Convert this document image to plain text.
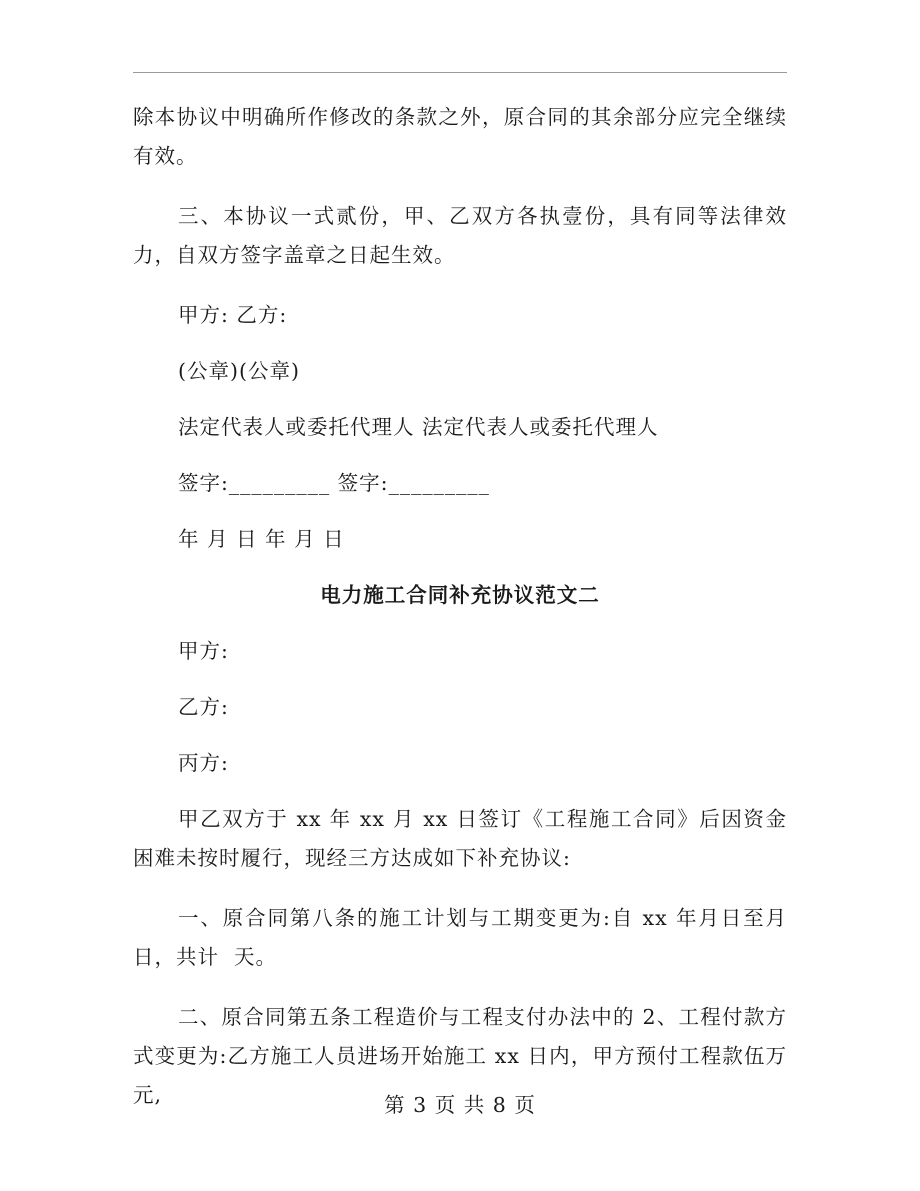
除本协议中明确所作修改的条款之外，原合同的其余部分应完全继续有效。

三、本协议一式贰份，甲、乙双方各执壹份，具有同等法律效力，自双方签字盖章之日起生效。

甲方: 乙方:

(公章)(公章)

法定代表人或委托代理人 法定代表人或委托代理人

签字:_________ 签字:_________

年 月 日 年 月 日

电力施工合同补充协议范文二

甲方:

乙方:

丙方:

甲乙双方于 xx 年 xx 月 xx 日签订《工程施工合同》后因资金困难未按时履行，现经三方达成如下补充协议:

一、原合同第八条的施工计划与工期变更为:自 xx 年月日至月日，共计  天。

二、原合同第五条工程造价与工程支付办法中的 2、工程付款方式变更为:乙方施工人员进场开始施工 xx 日内，甲方预付工程款伍万元,	第 3 页 共 8 页
